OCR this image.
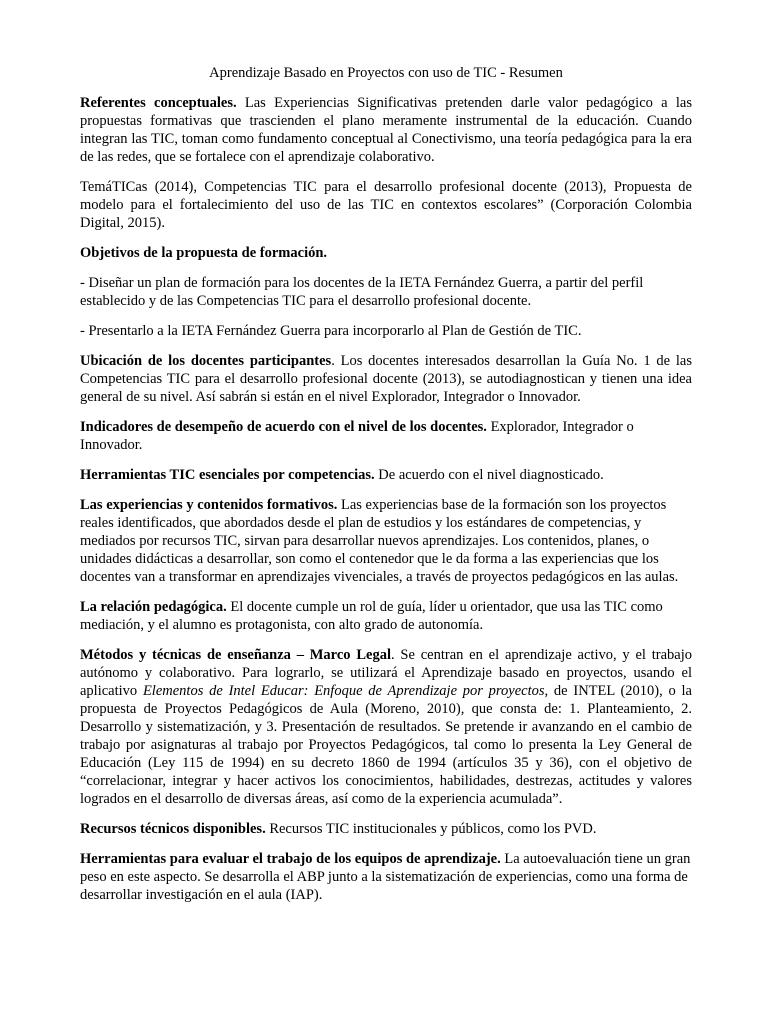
Aprendizaje Basado en Proyectos con uso de TIC - Resumen

Referentes conceptuales. Las Experiencias Significativas pretenden darle valor pedagógico a las propuestas formativas que trascienden el plano meramente instrumental de la educación. Cuando integran las TIC, toman como fundamento conceptual al Conectivismo, una teoría pedagógica para la era de las redes, que se fortalece con el aprendizaje colaborativo.

TemáTICas (2014), Competencias TIC para el desarrollo profesional docente (2013), Propuesta de modelo para el fortalecimiento del uso de las TIC en contextos escolares” (Corporación Colombia Digital, 2015).

Objetivos de la propuesta de formación.

- Diseñar un plan de formación para los docentes de la IETA Fernández Guerra, a partir del perfil establecido y de las Competencias TIC para el desarrollo profesional docente.

- Presentarlo a la IETA Fernández Guerra para incorporarlo al Plan de Gestión de TIC.

Ubicación de los docentes participantes. Los docentes interesados desarrollan la Guía No. 1 de las Competencias TIC para el desarrollo profesional docente (2013), se autodiagnostican y tienen una idea general de su nivel. Así sabrán si están en el nivel Explorador, Integrador o Innovador.

Indicadores de desempeño de acuerdo con el nivel de los docentes. Explorador, Integrador o Innovador.

Herramientas TIC esenciales por competencias. De acuerdo con el nivel diagnosticado.

Las experiencias y contenidos formativos. Las experiencias base de la formación son los proyectos reales identificados, que abordados desde el plan de estudios y los estándares de competencias, y mediados por recursos TIC, sirvan para desarrollar nuevos aprendizajes. Los contenidos, planes, o unidades didácticas a desarrollar, son como el contenedor que le da forma a las experiencias que los docentes van a transformar en aprendizajes vivenciales, a través de proyectos pedagógicos en las aulas.

La relación pedagógica. El docente cumple un rol de guía, líder u orientador, que usa las TIC como mediación, y el alumno es protagonista, con alto grado de autonomía.

Métodos y técnicas de enseñanza – Marco Legal. Se centran en el aprendizaje activo, y el trabajo autónomo y colaborativo. Para lograrlo, se utilizará el Aprendizaje basado en proyectos, usando el aplicativo Elementos de Intel Educar: Enfoque de Aprendizaje por proyectos, de INTEL (2010), o la propuesta de Proyectos Pedagógicos de Aula (Moreno, 2010), que consta de: 1. Planteamiento, 2. Desarrollo y sistematización, y 3. Presentación de resultados. Se pretende ir avanzando en el cambio de trabajo por asignaturas al trabajo por Proyectos Pedagógicos, tal como lo presenta la Ley General de Educación (Ley 115 de 1994) en su decreto 1860 de 1994 (artículos 35 y 36), con el objetivo de “correlacionar, integrar y hacer activos los conocimientos, habilidades, destrezas, actitudes y valores logrados en el desarrollo de diversas áreas, así como de la experiencia acumulada”.

Recursos técnicos disponibles. Recursos TIC institucionales y públicos, como los PVD.

Herramientas para evaluar el trabajo de los equipos de aprendizaje. La autoevaluación tiene un gran peso en este aspecto. Se desarrolla el ABP junto a la sistematización de experiencias, como una forma de desarrollar investigación en el aula (IAP).
